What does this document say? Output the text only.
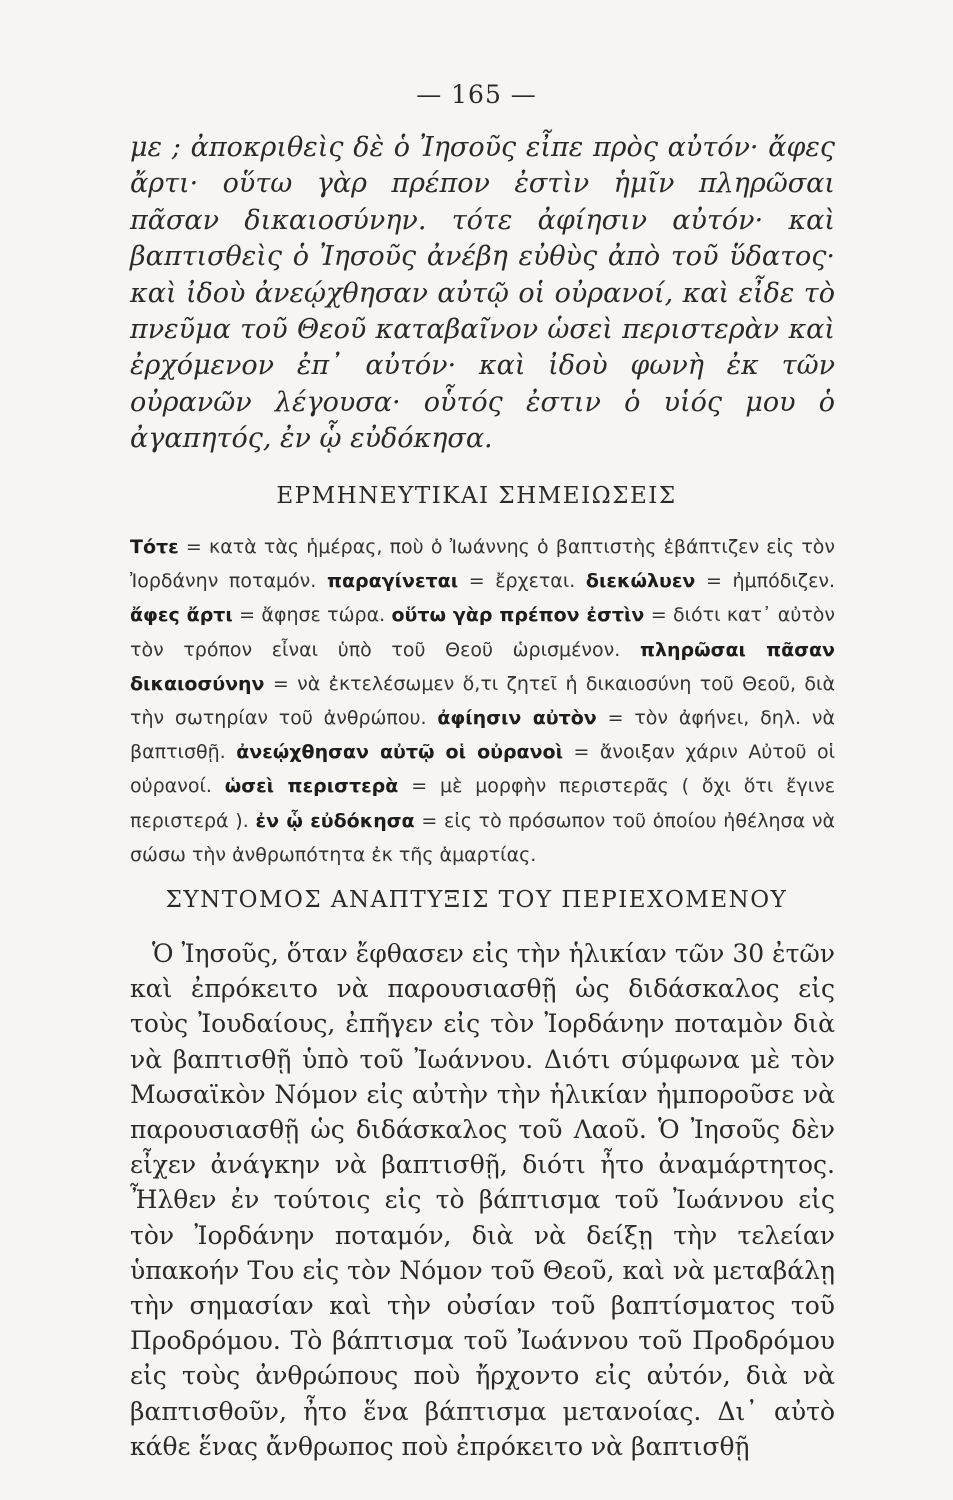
— 165 —

με ; ἀποκριθεὶς δὲ ὁ Ἰησοῦς εἶπε πρὸς αὐτόν· ἄφες ἄρτι· οὕτω γὰρ πρέπον ἐστὶν ἡμῖν πληρῶσαι πᾶσαν δικαιοσύνην. τότε ἀφίησιν αὐτόν· καὶ βαπτισθεὶς ὁ Ἰησοῦς ἀνέβη εὐθὺς ἀπὸ τοῦ ὕδατος· καὶ ἰδοὺ ἀνεῴχθησαν αὐτῷ οἱ οὐρανοί, καὶ εἶδε τὸ πνεῦμα τοῦ Θεοῦ καταβαῖνον ὡσεὶ περιστερὰν καὶ ἐρχόμενον ἐπ᾽ αὐτόν· καὶ ἰδοὺ φωνὴ ἐκ τῶν οὐρανῶν λέγουσα· οὗτός ἐστιν ὁ υἱός μου ὁ ἀγαπητός, ἐν ᾧ εὐδόκησα.

ΕΡΜΗΝΕΥΤΙΚΑΙ ΣΗΜΕΙΩΣΕΙΣ

Τότε = κατὰ τὰς ἡμέρας, ποὺ ὁ Ἰωάννης ὁ βαπτιστὴς ἐβάπτιζεν εἰς τὸν Ἰορδάνην ποταμόν. παραγίνεται = ἔρχεται. διεκώλυεν = ἠμπόδιζεν. ἄφες ἄρτι = ἄφησε τώρα. οὕτω γὰρ πρέπον ἐστὶν = διότι κατ᾽ αὐτὸν τὸν τρόπον εἶναι ὑπὸ τοῦ Θεοῦ ὡρισμένον. πληρῶσαι πᾶσαν δικαιοσύνην = νὰ ἐκτελέσωμεν ὅ,τι ζητεῖ ἡ δικαιοσύνη τοῦ Θεοῦ, διὰ τὴν σωτηρίαν τοῦ ἀνθρώπου. ἀφίησιν αὐτὸν = τὸν ἀφήνει, δηλ. νὰ βαπτισθῇ. ἀνεῴχθησαν αὐτῷ οἱ οὐρανοὶ = ἄνοιξαν χάριν Αὐτοῦ οἱ οὐρανοί. ὡσεὶ περιστερὰ = μὲ μορφὴν περιστερᾶς ( ὄχι ὅτι ἔγινε περιστερά ). ἐν ᾧ εὐδόκησα = εἰς τὸ πρόσωπον τοῦ ὁποίου ἠθέλησα νὰ σώσω τὴν ἀνθρωπότητα ἐκ τῆς ἁμαρτίας.

ΣΥΝΤΟΜΟΣ ΑΝΑΠΤΥΞΙΣ ΤΟΥ ΠΕΡΙΕΧΟΜΕΝΟΥ

Ὁ Ἰησοῦς, ὅταν ἔφθασεν εἰς τὴν ἡλικίαν τῶν 30 ἐτῶν καὶ ἐπρόκειτο νὰ παρουσιασθῇ ὡς διδάσκαλος εἰς τοὺς Ἰουδαίους, ἐπῆγεν εἰς τὸν Ἰορδάνην ποταμὸν διὰ νὰ βαπτισθῇ ὑπὸ τοῦ Ἰωάννου. Διότι σύμφωνα μὲ τὸν Μωσαϊκὸν Νόμον εἰς αὐτὴν τὴν ἡλικίαν ἠμποροῦσε νὰ παρουσιασθῇ ὡς διδάσκαλος τοῦ Λαοῦ. Ὁ Ἰησοῦς δὲν εἶχεν ἀνάγκην νὰ βαπτισθῇ, διότι ἦτο ἀναμάρτητος. Ἦλθεν ἐν τούτοις εἰς τὸ βάπτισμα τοῦ Ἰωάννου εἰς τὸν Ἰορδάνην ποταμόν, διὰ νὰ δείξῃ τὴν τελείαν ὑπακοήν Του εἰς τὸν Νόμον τοῦ Θεοῦ, καὶ νὰ μεταβάλῃ τὴν σημασίαν καὶ τὴν οὐσίαν τοῦ βαπτίσματος τοῦ Προδρόμου. Τὸ βάπτισμα τοῦ Ἰωάννου τοῦ Προδρόμου εἰς τοὺς ἀνθρώπους ποὺ ἤρχοντο εἰς αὐτόν, διὰ νὰ βαπτισθοῦν, ἦτο ἕνα βάπτισμα μετανοίας. Δι᾽ αὐτὸ κάθε ἕνας ἄνθρωπος ποὺ ἐπρόκειτο νὰ βαπτισθῇ
